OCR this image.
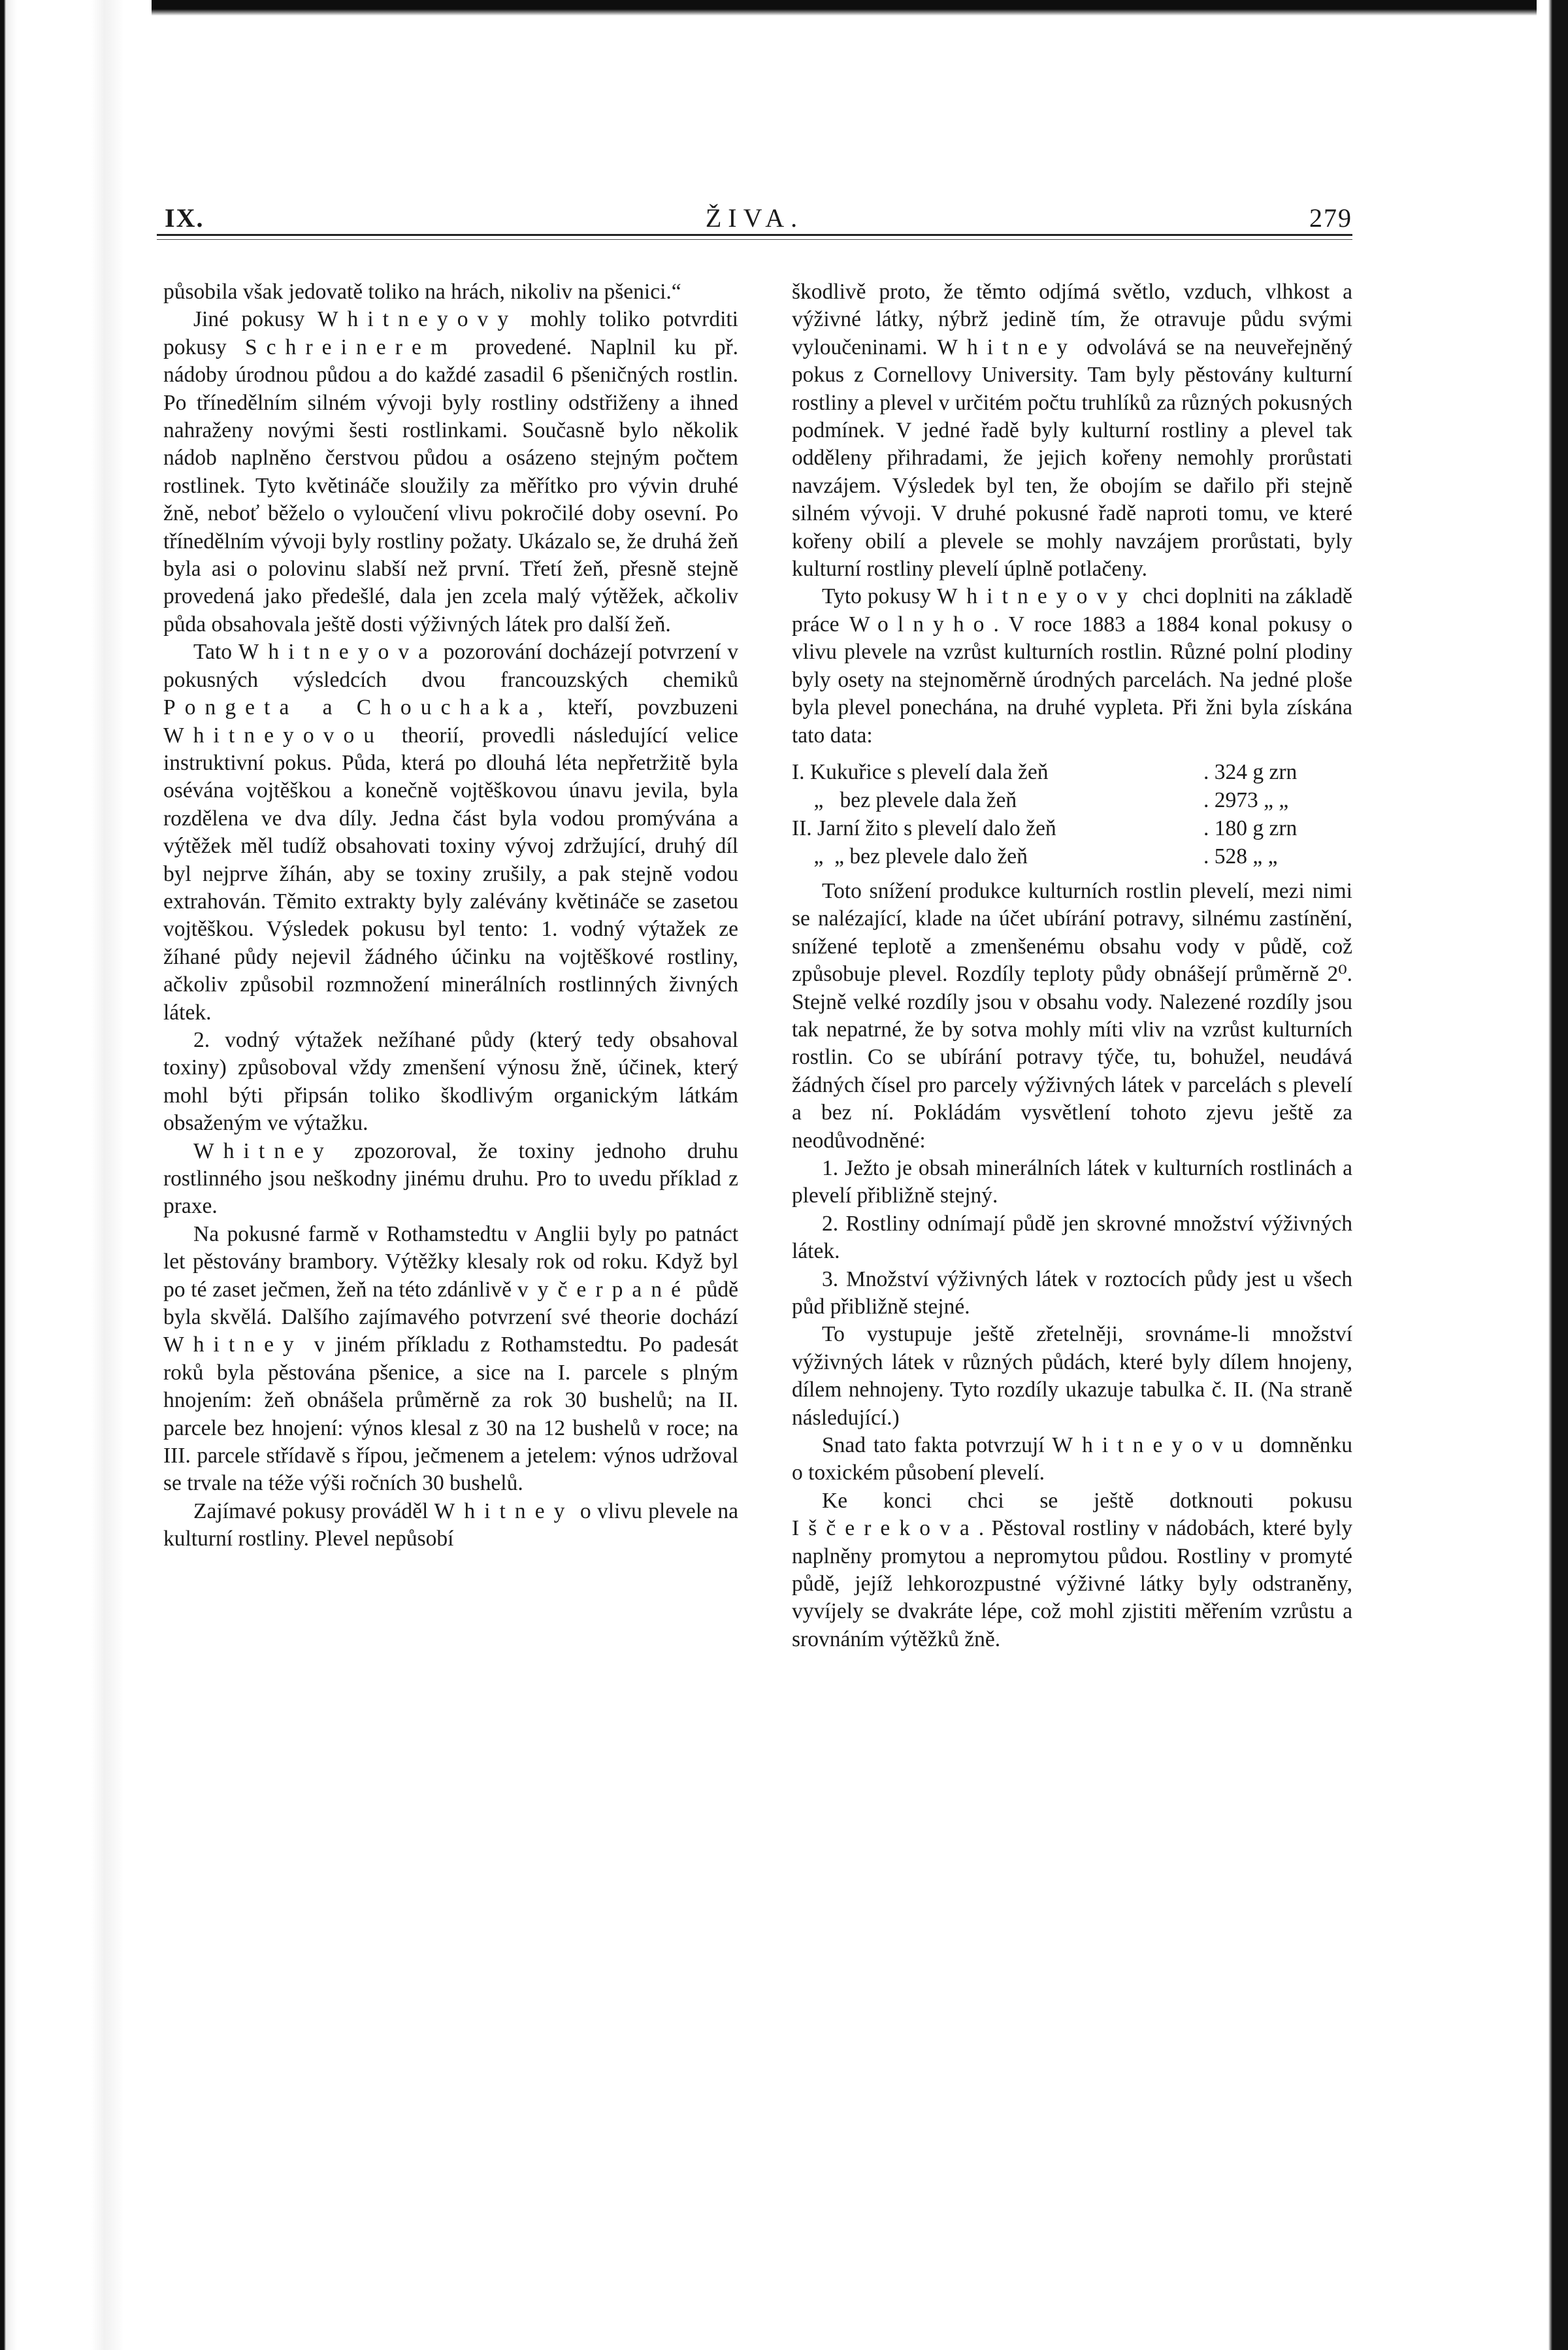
IX.	ŽIVA.	279

působila však jedovatě toliko na hrách, nikoliv na pšenici.“

Jiné pokusy Whitneyovy mohly toliko potvrditi pokusy Schreinerem provedené. Naplnil ku př. nádoby úrodnou půdou a do každé zasadil 6 pšeničných rostlin. Po třínedělním silném vývoji byly rostliny odstřiženy a ihned nahraženy novými šesti rostlinkami. Současně bylo několik nádob naplněno čerstvou půdou a osázeno stejným počtem rostlinek. Tyto květináče sloužily za měřítko pro vývin druhé žně, neboť běželo o vyloučení vlivu pokročilé doby osevní. Po třínedělním vývoji byly rostliny požaty. Ukázalo se, že druhá žeň byla asi o polovinu slabší než první. Třetí žeň, přesně stejně provedená jako předešlé, dala jen zcela malý výtěžek, ačkoliv půda obsahovala ještě dosti výživných látek pro další žeň.

Tato Whitneyova pozorování docházejí potvrzení v pokusných výsledcích dvou francouzských chemiků Pongeta a Chouchaka, kteří, povzbuzeni Whitneyovou theorií, provedli následující velice instruktivní pokus. Půda, která po dlouhá léta nepřetržitě byla osévána vojtěškou a konečně vojtěškovou únavu jevila, byla rozdělena ve dva díly. Jedna část byla vodou promývána a výtěžek měl tudíž obsahovati toxiny vývoj zdržující, druhý díl byl nejprve žíhán, aby se toxiny zrušily, a pak stejně vodou extrahován. Těmito extrakty byly zalévány květináče se zasetou vojtěškou. Výsledek pokusu byl tento: 1. vodný výtažek ze žíhané půdy nejevil žádného účinku na vojtěškové rostliny, ačkoliv způsobil rozmnožení minerálních rostlinných živných látek.

2. vodný výtažek nežíhané půdy (který tedy obsahoval toxiny) způsoboval vždy zmenšení výnosu žně, účinek, který mohl býti připsán toliko škodlivým organickým látkám obsaženým ve výtažku.

Whitney zpozoroval, že toxiny jednoho druhu rostlinného jsou neškodny jinému druhu. Pro to uvedu příklad z praxe.

Na pokusné farmě v Rothamstedtu v Anglii byly po patnáct let pěstovány brambory. Výtěžky klesaly rok od roku. Když byl po té zaset ječmen, žeň na této zdánlivě vyčerpané půdě byla skvělá. Dalšího zajímavého potvrzení své theorie dochází Whitney v jiném příkladu z Rothamstedtu. Po padesát roků byla pěstována pšenice, a sice na I. parcele s plným hnojením: žeň obnášela průměrně za rok 30 bushelů; na II. parcele bez hnojení: výnos klesal z 30 na 12 bushelů v roce; na III. parcele střídavě s řípou, ječmenem a jetelem: výnos udržoval se trvale na téže výši ročních 30 bushelů.

Zajímavé pokusy prováděl Whitney o vlivu plevele na kulturní rostliny. Plevel nepůsobí

škodlivě proto, že těmto odjímá světlo, vzduch, vlhkost a výživné látky, nýbrž jedině tím, že otravuje půdu svými vyloučeninami. Whitney odvolává se na neuveřejněný pokus z Cornellovy University. Tam byly pěstovány kulturní rostliny a plevel v určitém počtu truhlíků za různých pokusných podmínek. V jedné řadě byly kulturní rostliny a plevel tak odděleny přihradami, že jejich kořeny nemohly prorůstati navzájem. Výsledek byl ten, že obojím se dařilo při stejně silném vývoji. V druhé pokusné řadě naproti tomu, ve které kořeny obilí a plevele se mohly navzájem prorůstati, byly kulturní rostliny plevelí úplně potlačeny.

Tyto pokusy Whitneyovy chci doplniti na základě práce Wolnyho. V roce 1883 a 1884 konal pokusy o vlivu plevele na vzrůst kulturních rostlin. Různé polní plodiny byly osety na stejnoměrně úrodných parcelách. Na jedné ploše byla plevel ponechána, na druhé vypleta. Při žni byla získána tato data:

I. Kukuřice s plevelí dala žeň	. 324 g zrn
„   bez plevele dala žeň	. 2973 „ „
II. Jarní žito s plevelí dalo žeň	. 180 g zrn
„  „ bez plevele dalo žeň	. 528 „ „

Toto snížení produkce kulturních rostlin plevelí, mezi nimi se nalézající, klade na účet ubírání potravy, silnému zastínění, snížené teplotě a zmenšenému obsahu vody v půdě, což způsobuje plevel. Rozdíly teploty půdy obnášejí průměrně 2⁰. Stejně velké rozdíly jsou v obsahu vody. Nalezené rozdíly jsou tak nepatrné, že by sotva mohly míti vliv na vzrůst kulturních rostlin. Co se ubírání potravy týče, tu, bohužel, neudává žádných čísel pro parcely výživných látek v parcelách s plevelí a bez ní. Pokládám vysvětlení tohoto zjevu ještě za neodůvodněné:

1. Ježto je obsah minerálních látek v kulturních rostlinách a plevelí přibližně stejný.

2. Rostliny odnímají půdě jen skrovné množství výživných látek.

3. Množství výživných látek v roztocích půdy jest u všech půd přibližně stejné.

To vystupuje ještě zřetelněji, srovnáme-li množství výživných látek v různých půdách, které byly dílem hnojeny, dílem nehnojeny. Tyto rozdíly ukazuje tabulka č. II. (Na straně následující.)

Snad tato fakta potvrzují Whitneyovu domněnku o toxickém působení plevelí.

Ke konci chci se ještě dotknouti pokusu Iščerekova. Pěstoval rostliny v nádobách, které byly naplněny promytou a nepromytou půdou. Rostliny v promyté půdě, jejíž lehkorozpustné výživné látky byly odstraněny, vyvíjely se dvakráte lépe, což mohl zjistiti měřením vzrůstu a srovnáním výtěžků žně.
